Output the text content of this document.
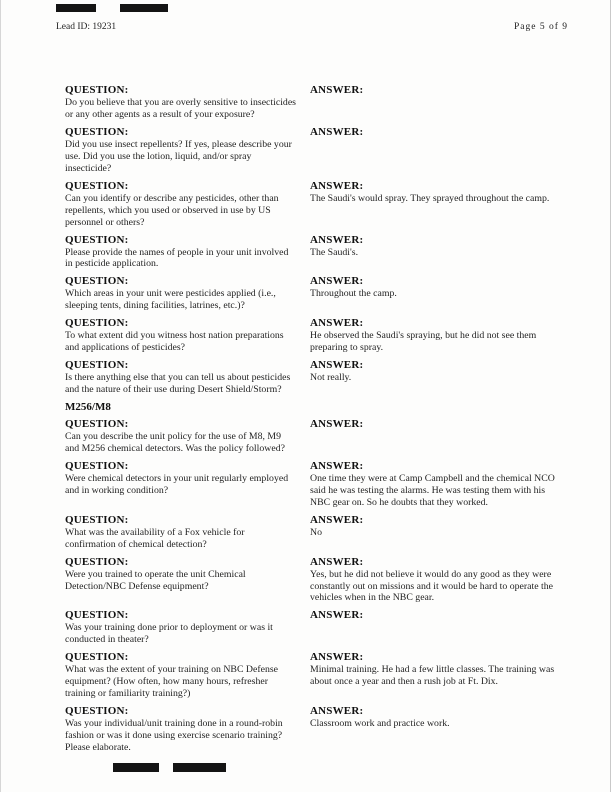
Lead ID: 19231	Page 5 of 9
QUESTION:
Do you believe that you are overly sensitive to insecticides or any other agents as a result of your exposure?
ANSWER:
QUESTION:
Did you use insect repellents? If yes, please describe your use. Did you use the lotion, liquid, and/or spray insecticide?
ANSWER:
QUESTION:
Can you identify or describe any pesticides, other than repellents, which you used or observed in use by US personnel or others?
ANSWER:
The Saudi's would spray. They sprayed throughout the camp.
QUESTION:
Please provide the names of people in your unit involved in pesticide application.
ANSWER:
The Saudi's.
QUESTION:
Which areas in your unit were pesticides applied (i.e., sleeping tents, dining facilities, latrines, etc.)?
ANSWER:
Throughout the camp.
QUESTION:
To what extent did you witness host nation preparations and applications of pesticides?
ANSWER:
He observed the Saudi's spraying, but he did not see them preparing to spray.
QUESTION:
Is there anything else that you can tell us about pesticides and the nature of their use during Desert Shield/Storm?
ANSWER:
Not really.
M256/M8
QUESTION:
Can you describe the unit policy for the use of M8, M9 and M256 chemical detectors. Was the policy followed?
ANSWER:
QUESTION:
Were chemical detectors in your unit regularly employed and in working condition?
ANSWER:
One time they were at Camp Campbell and the chemical NCO said he was testing the alarms. He was testing them with his NBC gear on. So he doubts that they worked.
QUESTION:
What was the availability of a Fox vehicle for confirmation of chemical detection?
ANSWER:
No
QUESTION:
Were you trained to operate the unit Chemical Detection/NBC Defense equipment?
ANSWER:
Yes, but he did not believe it would do any good as they were constantly out on missions and it would be hard to operate the vehicles when in the NBC gear.
QUESTION:
Was your training done prior to deployment or was it conducted in theater?
ANSWER:
QUESTION:
What was the extent of your training on NBC Defense equipment? (How often, how many hours, refresher training or familiarity training?)
ANSWER:
Minimal training. He had a few little classes. The training was about once a year and then a rush job at Ft. Dix.
QUESTION:
Was your individual/unit training done in a round-robin fashion or was it done using exercise scenario training? Please elaborate.
ANSWER:
Classroom work and practice work.
